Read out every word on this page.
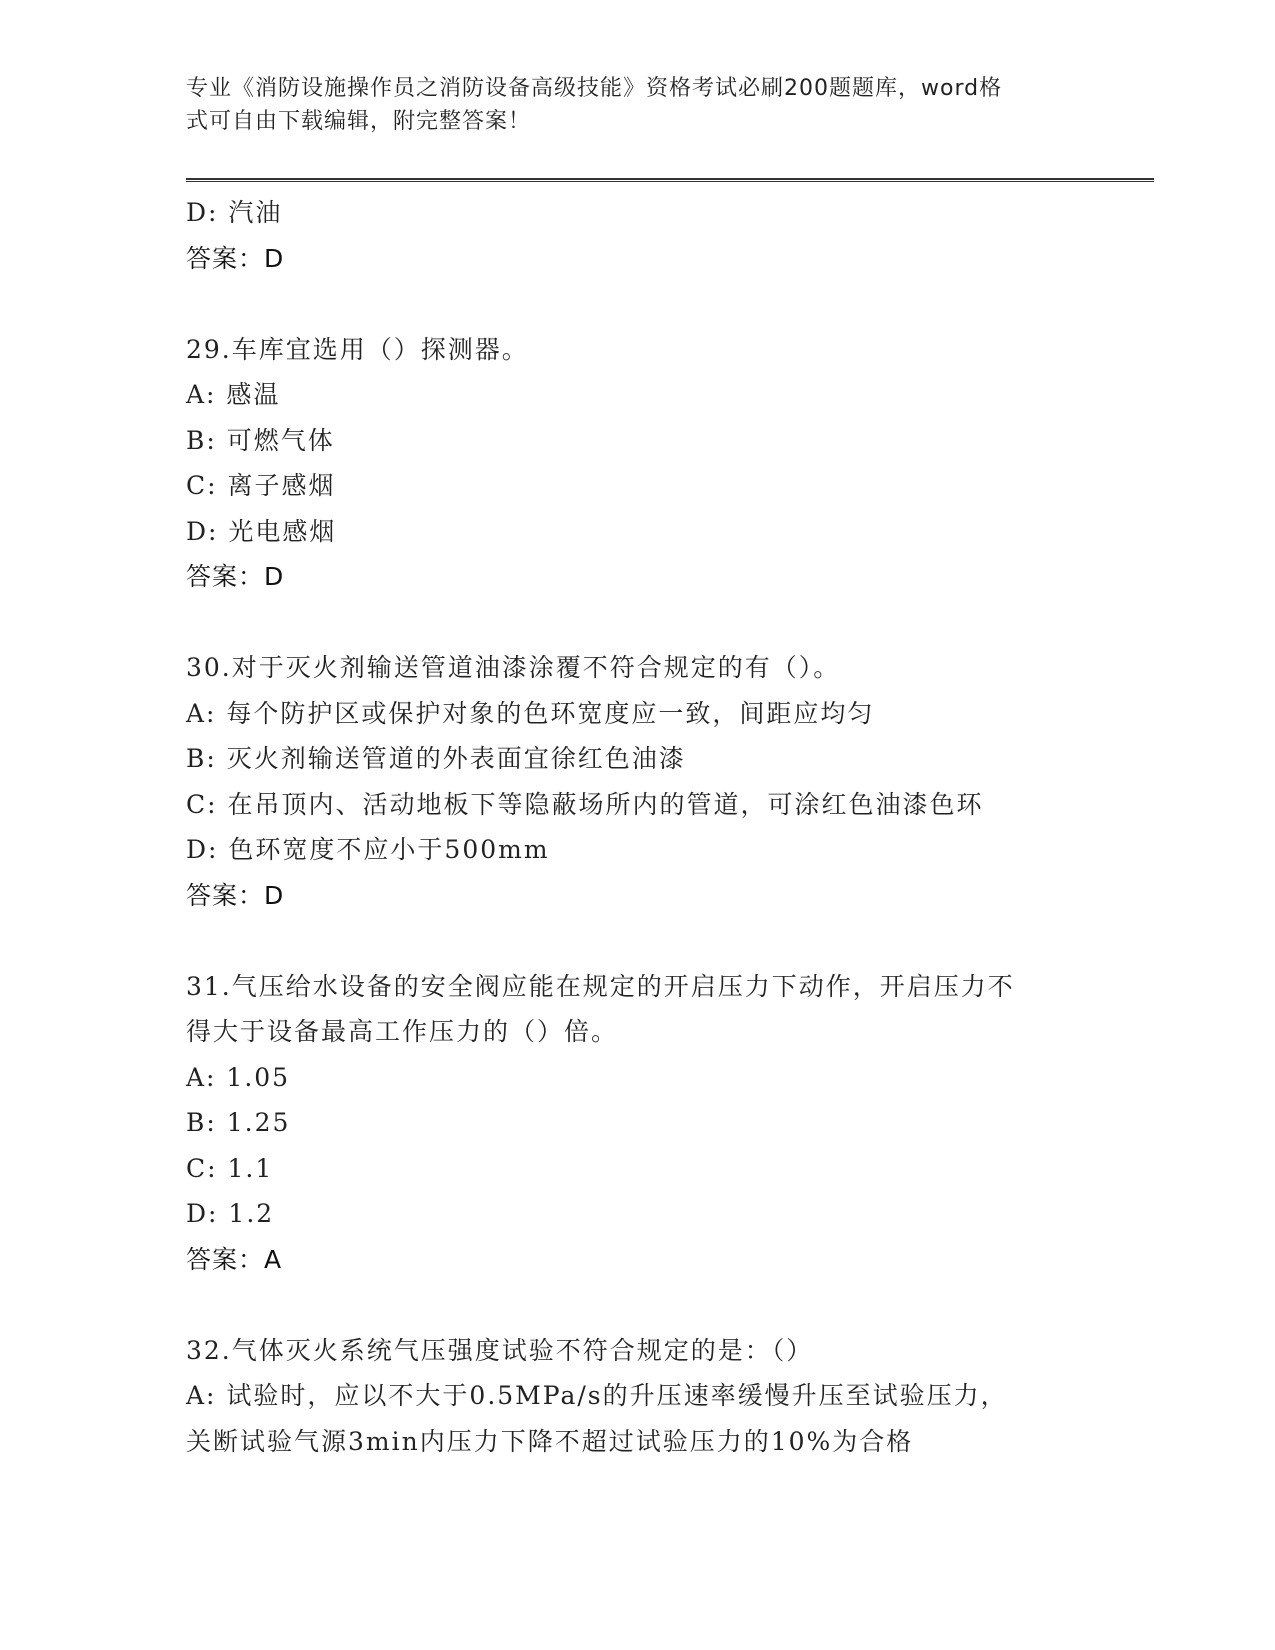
专业《消防设施操作员之消防设备高级技能》资格考试必刷200题题库，word格
式可自由下载编辑，附完整答案！
D: 汽油
答案：D
29.车库宜选用（）探测器。
A: 感温
B: 可燃气体
C: 离子感烟
D: 光电感烟
答案：D
30.对于灭火剂输送管道油漆涂覆不符合规定的有（）。
A: 每个防护区或保护对象的色环宽度应一致，间距应均匀
B: 灭火剂输送管道的外表面宜徐红色油漆
C: 在吊顶内、活动地板下等隐蔽场所内的管道，可涂红色油漆色环
D: 色环宽度不应小于500mm
答案：D
31.气压给水设备的安全阀应能在规定的开启压力下动作，开启压力不
得大于设备最高工作压力的（）倍。
A: 1.05
B: 1.25
C: 1.1
D: 1.2
答案：A
32.气体灭火系统气压强度试验不符合规定的是：（）
A: 试验时，应以不大于0.5MPa/s的升压速率缓慢升压至试验压力，
关断试验气源3min内压力下降不超过试验压力的10%为合格
